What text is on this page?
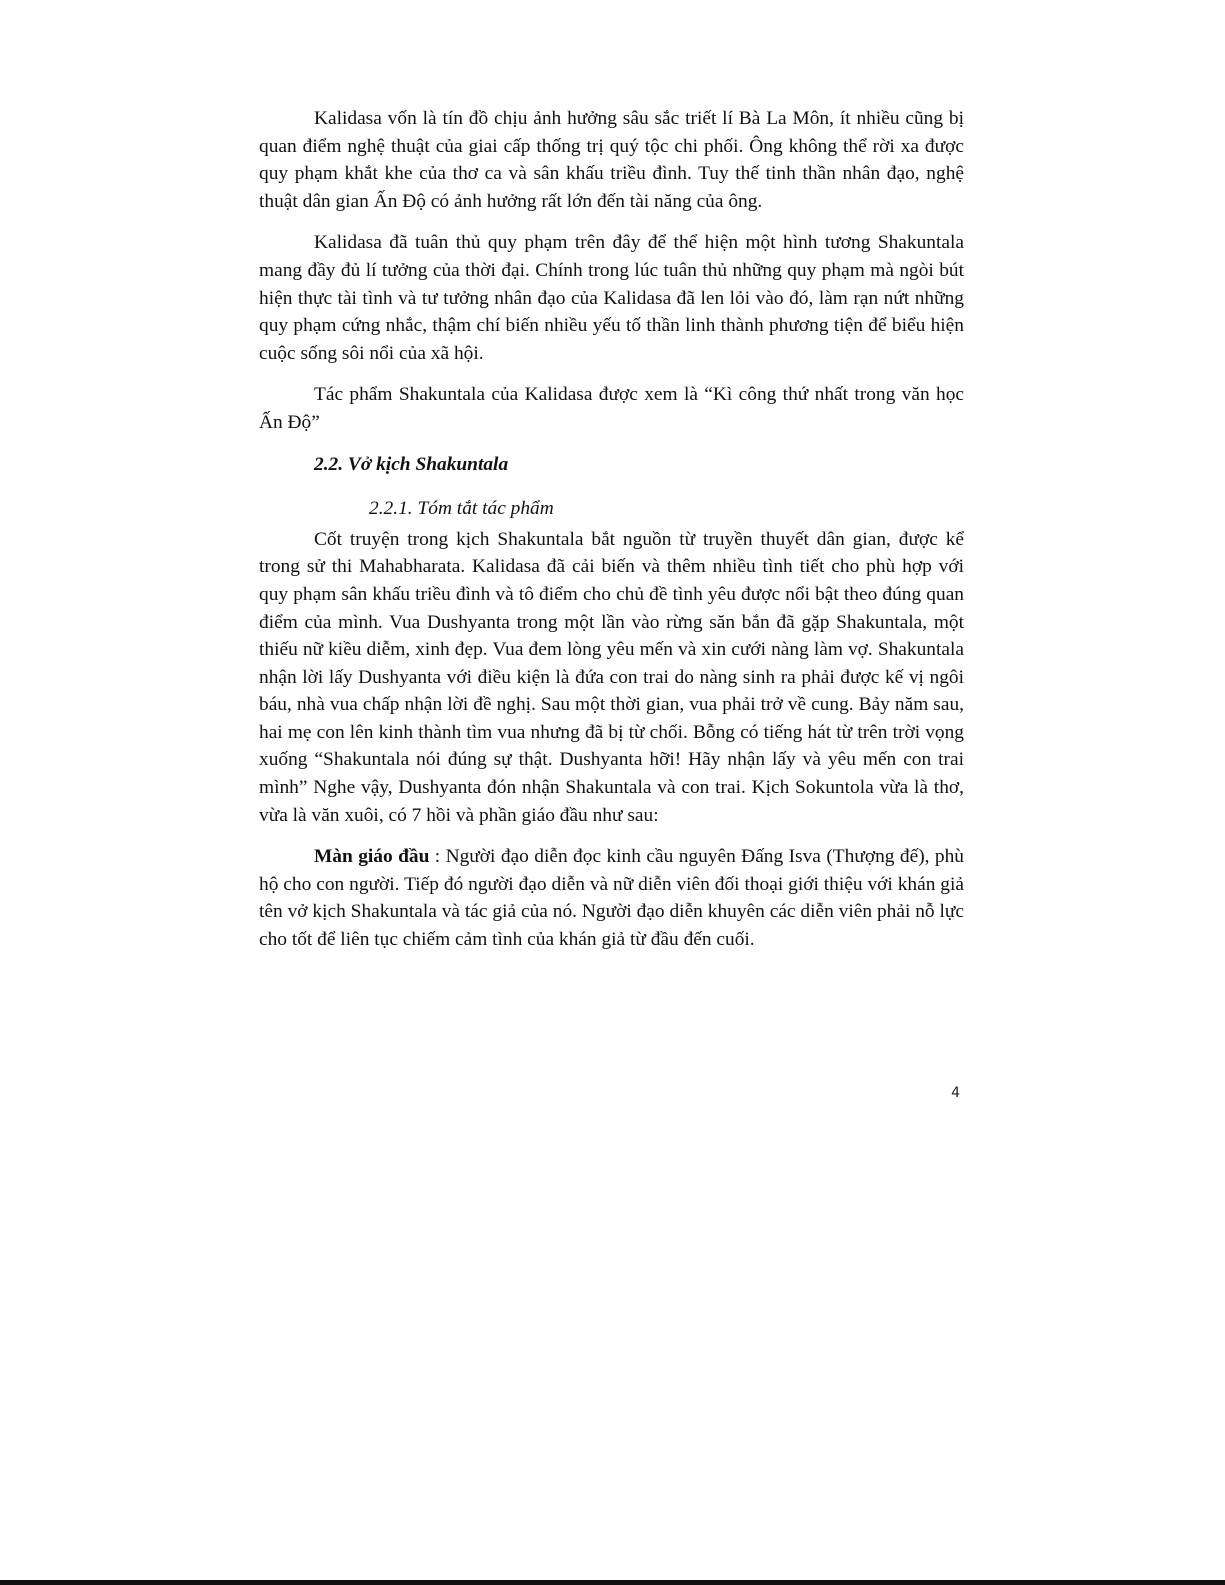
Kalidasa vốn là tín đồ chịu ảnh hưởng sâu sắc triết lí Bà La Môn, ít nhiều cũng bị quan điểm nghệ thuật của giai cấp thống trị quý tộc chi phối. Ông không thể rời xa được quy phạm khắt khe của thơ ca và sân khấu triều đình. Tuy thế tinh thần nhân đạo, nghệ thuật dân gian Ấn Độ có ảnh hưởng rất lớn đến tài năng của ông.

Kalidasa đã tuân thủ quy phạm trên đây để thể hiện một hình tương Shakuntala mang đầy đủ lí tưởng của thời đại. Chính trong lúc tuân thủ những quy phạm mà ngòi bút hiện thực tài tình và tư tưởng nhân đạo của Kalidasa đã len lỏi vào đó, làm rạn nứt những quy phạm cứng nhắc, thậm chí biến nhiều yếu tố thần linh thành phương tiện để biểu hiện cuộc sống sôi nổi của xã hội.

Tác phẩm Shakuntala của Kalidasa được xem là “Kì công thứ nhất trong văn học Ấn Độ”

2.2. Vở kịch Shakuntala

2.2.1. Tóm tắt tác phẩm

Cốt truyện trong kịch Shakuntala bắt nguồn từ truyền thuyết dân gian, được kể trong sử thi Mahabharata. Kalidasa đã cải biến và thêm nhiều tình tiết cho phù hợp với quy phạm sân khấu triều đình và tô điểm cho chủ đề tình yêu được nổi bật theo đúng quan điểm của mình. Vua Dushyanta trong một lần vào rừng săn bắn đã gặp Shakuntala, một thiếu nữ kiều diễm, xinh đẹp. Vua đem lòng yêu mến và xin cưới nàng làm vợ. Shakuntala nhận lời lấy Dushyanta với điều kiện là đứa con trai do nàng sinh ra phải được kế vị ngôi báu, nhà vua chấp nhận lời đề nghị. Sau một thời gian, vua phải trở về cung. Bảy năm sau, hai mẹ con lên kinh thành tìm vua nhưng đã bị từ chối. Bỗng có tiếng hát từ trên trời vọng xuống “Shakuntala nói đúng sự thật. Dushyanta hỡi! Hãy nhận lấy và yêu mến con trai mình” Nghe vậy, Dushyanta đón nhận Shakuntala và con trai. Kịch Sokuntola vừa là thơ, vừa là văn xuôi, có 7 hồi và phần giáo đầu như sau:

Màn giáo đầu : Người đạo diễn đọc kinh cầu nguyên Đấng Isva (Thượng đế), phù hộ cho con người. Tiếp đó người đạo diễn và nữ diễn viên đối thoại giới thiệu với khán giả tên vở kịch Shakuntala và tác giả của nó. Người đạo diễn khuyên các diễn viên phải nỗ lực cho tốt để liên tục chiếm cảm tình của khán giả từ đầu đến cuối.

4
